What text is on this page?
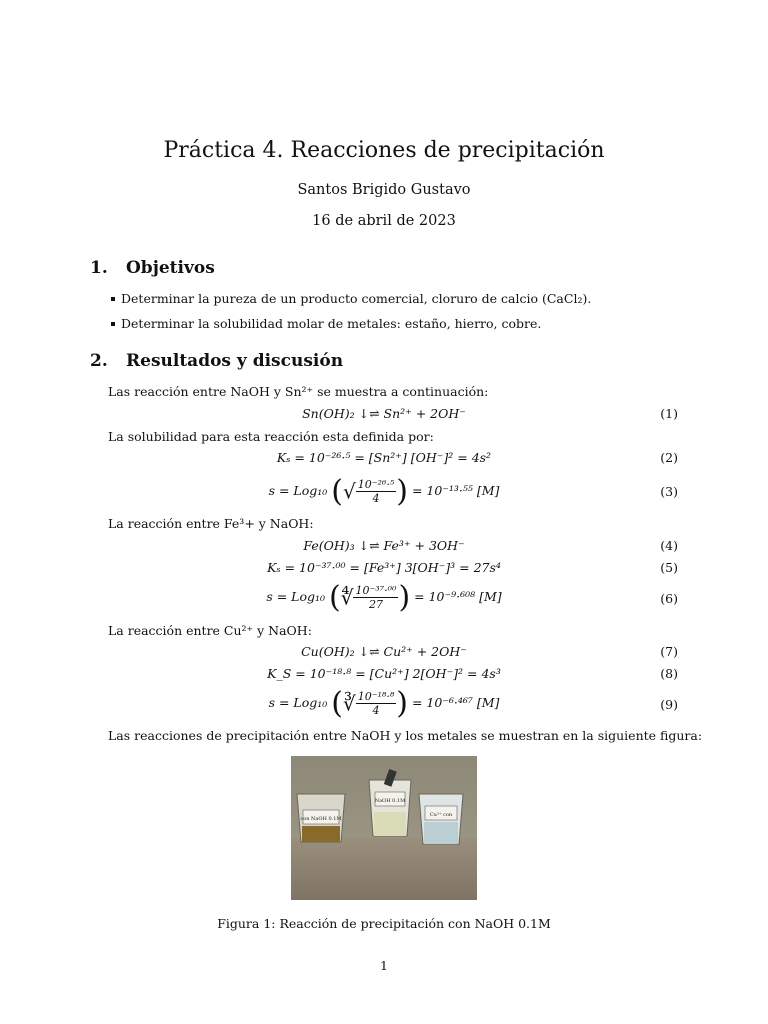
Práctica 4. Reacciones de precipitación
Santos Brigido Gustavo
16 de abril de 2023
1. Objetivos
Determinar la pureza de un producto comercial, cloruro de calcio (CaCl₂).
Determinar la solubilidad molar de metales: estaño, hierro, cobre.
2. Resultados y discusión
Las reacción entre NaOH y Sn²⁺ se muestra a continuación:
Sn(OH)₂ ↓⇌ Sn²⁺ + 2OH⁻	(1)
La solubilidad para esta reacción esta definida por:
Kₛ = 10⁻²⁶·⁵ = [Sn²⁺] [OH⁻]² = 4s²	(2)
s = Log₁₀ (√ $\frac{\text{10⁻²⁶·⁵}}{4}$ ) = 10⁻¹³·⁵⁵ [M]	(3)
La reacción entre Fe³+ y NaOH:
Fe(OH)₃ ↓⇌ Fe³⁺ + 3OH⁻	(4)
Kₛ = 10⁻³⁷·⁰⁰ = [Fe³⁺] 3[OH⁻]³ = 27s⁴	(5)
s = Log₁₀ (∜ $\frac{\text{10⁻³⁷·⁰⁰}}{27}$ ) = 10⁻⁹·⁶⁰⁸ [M]	(6)
La reacción entre Cu²⁺ y NaOH:
Cu(OH)₂ ↓⇌ Cu²⁺ + 2OH⁻	(7)
K_S = 10⁻¹⁸·⁸ = [Cu²⁺] 2[OH⁻]² = 4s³	(8)
s = Log₁₀ (∛ $\frac{\text{10⁻¹⁸·⁸}}{4}$ ) = 10⁻⁶·⁴⁶⁷ [M]	(9)
Las reacciones de precipitación entre NaOH y los metales se muestran en la siguiente figura:
con NaOH 0.1M
NaOH 0.1M
Cu²⁺ con
Figura 1: Reacción de precipitación con NaOH 0.1M
1
